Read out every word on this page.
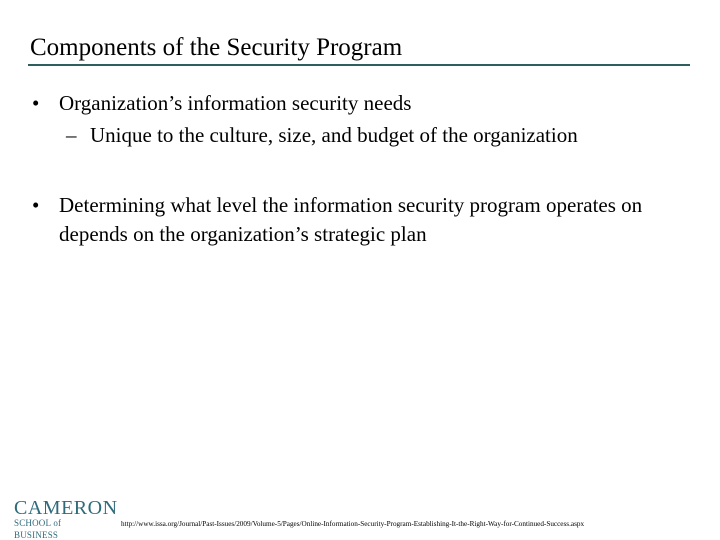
Components of the Security Program
• Organization’s information security needs
– Unique to the culture, size, and budget of the organization
• Determining what level the information security program operates on depends on the organization’s strategic plan
CAMERON
SCHOOL of BUSINESS
http://www.issa.org/Journal/Past-Issues/2009/Volume-5/Pages/Online-Information-Security-Program-Establishing-It-the-Right-Way-for-Continued-Success.aspx
